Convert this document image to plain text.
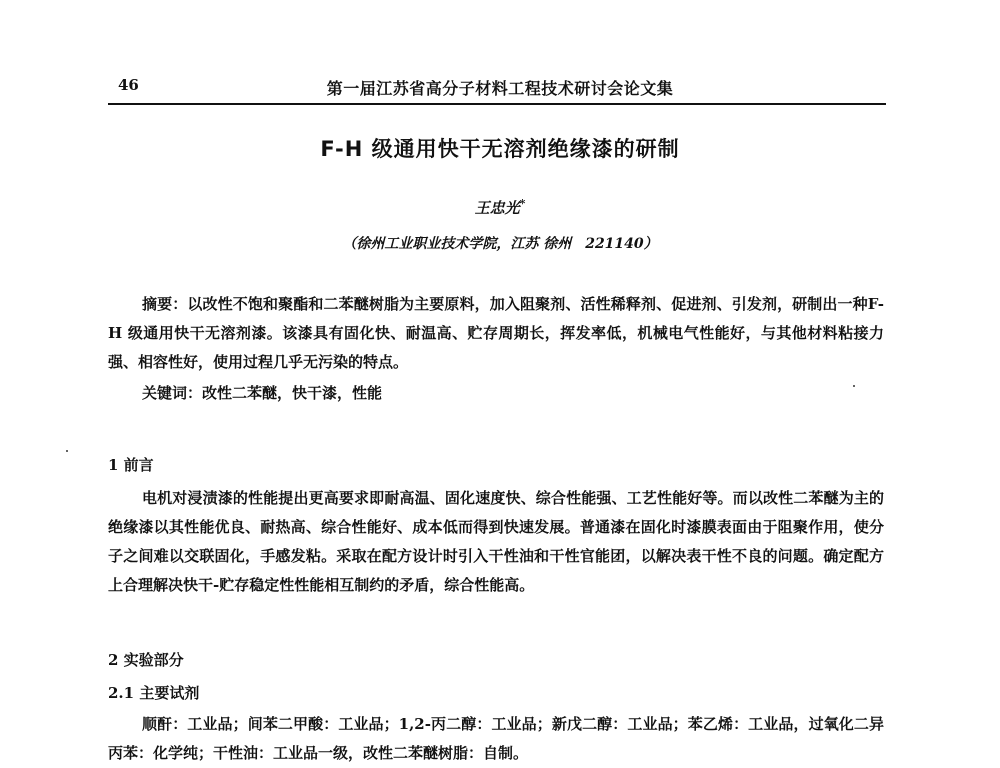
46	第一届江苏省高分子材料工程技术研讨会论文集
F-H 级通用快干无溶剂绝缘漆的研制
王忠光*
（徐州工业职业技术学院，江苏 徐州　221140）
摘要：以改性不饱和聚酯和二苯醚树脂为主要原料，加入阻聚剂、活性稀释剂、促进剂、引发剂，研制出一种F-H 级通用快干无溶剂漆。该漆具有固化快、耐温高、贮存周期长，挥发率低，机械电气性能好，与其他材料粘接力强、相容性好，使用过程几乎无污染的特点。
关键词：改性二苯醚，快干漆，性能
1 前言
电机对浸渍漆的性能提出更高要求即耐高温、固化速度快、综合性能强、工艺性能好等。而以改性二苯醚为主的绝缘漆以其性能优良、耐热高、综合性能好、成本低而得到快速发展。普通漆在固化时漆膜表面由于阻聚作用，使分子之间难以交联固化，手感发粘。采取在配方设计时引入干性油和干性官能团，以解决表干性不良的问题。确定配方上合理解决快干-贮存稳定性性能相互制约的矛盾，综合性能高。
2 实验部分
2.1 主要试剂
顺酐：工业品；间苯二甲酸：工业品；1,2-丙二醇：工业品；新戊二醇：工业品；苯乙烯：工业品，过氧化二异丙苯：化学纯；干性油：工业品一级，改性二苯醚树脂：自制。
